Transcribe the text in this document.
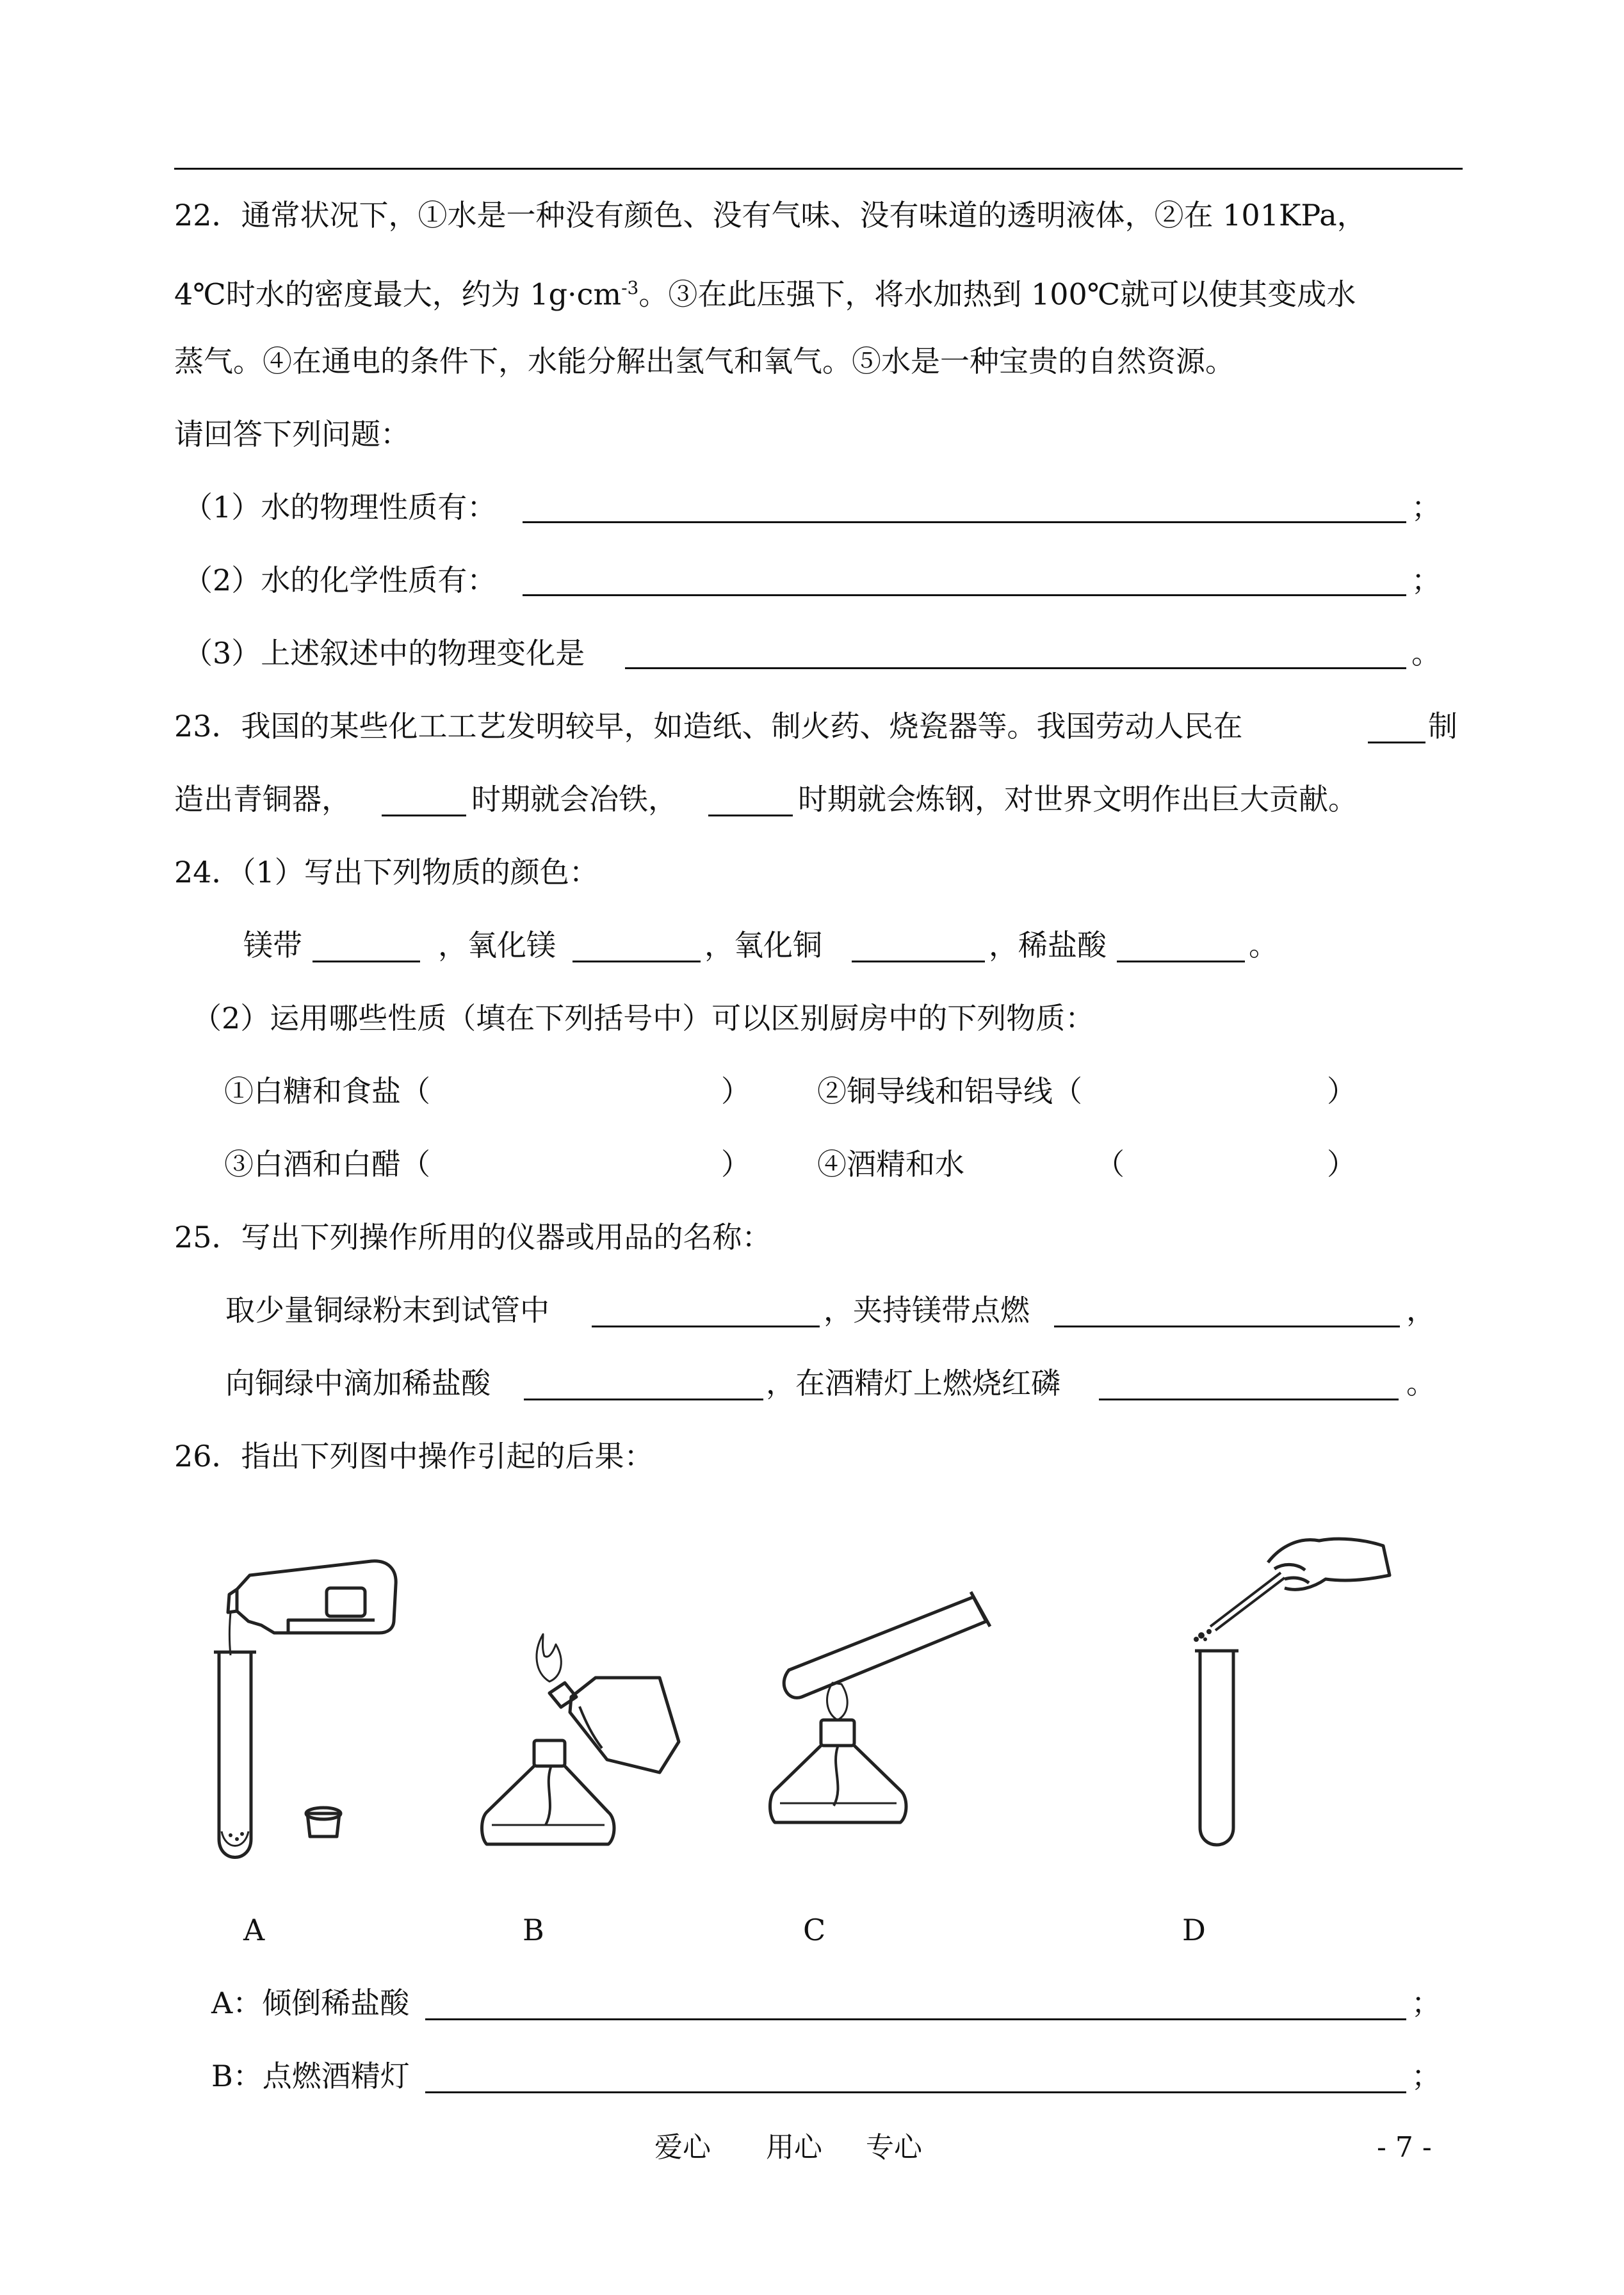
22．通常状况下，①水是一种没有颜色、没有气味、没有味道的透明液体，②在 101KPa，
4℃时水的密度最大，约为 $1g\cdot cm^{-3}$。③在此压强下，将水加热到 100℃就可以使其变成水
蒸气。④在通电的条件下，水能分解出氢气和氧气。⑤水是一种宝贵的自然资源。
请回答下列问题：
（1）水的物理性质有：	；
（2）水的化学性质有：	；
（3）上述叙述中的物理变化是	。
23．我国的某些化工工艺发明较早，如造纸、制火药、烧瓷器等。我国劳动人民在	制
造出青铜器，	时期就会冶铁，	时期就会炼钢，对世界文明作出巨大贡献。
24．（1）写出下列物质的颜色：
镁带	，氧化镁	，氧化铜	，稀盐酸	。
（2）运用哪些性质（填在下列括号中）可以区别厨房中的下列物质：
①白糖和食盐（	） ②铜导线和铝导线（	）
③白酒和白醋（	） ④酒精和水	（	）
25．写出下列操作所用的仪器或用品的名称：
取少量铜绿粉末到试管中	，夹持镁带点燃	，
向铜绿中滴加稀盐酸	，在酒精灯上燃烧红磷	。
26．指出下列图中操作引起的后果：
A	B	C	D
A：倾倒稀盐酸	；
B：点燃酒精灯	；
爱心 用心 专心	- 7 -
